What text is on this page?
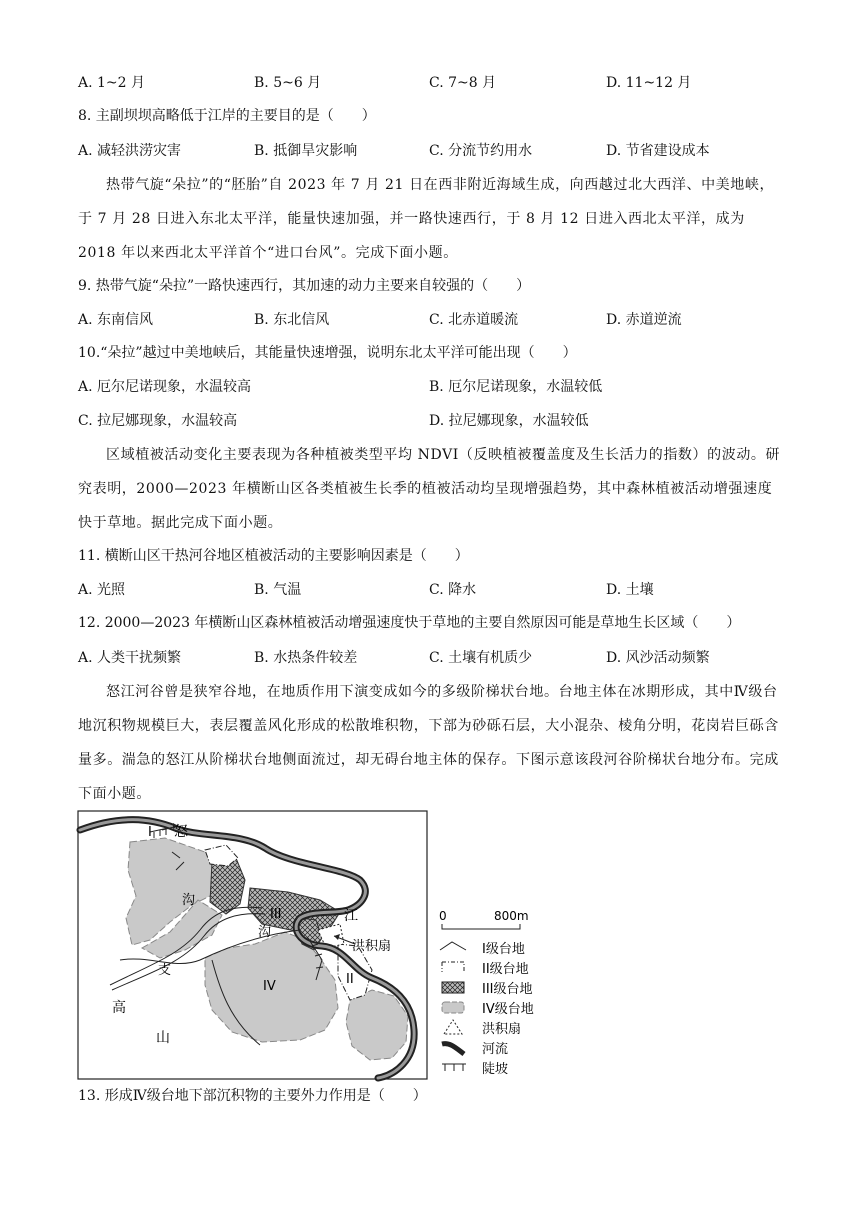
A. 1~2 月	B. 5~6 月	C. 7~8 月	D. 11~12 月
8. 主副坝坝高略低于江岸的主要目的是（　　）
A. 减轻洪涝灾害	B. 抵御旱灾影响	C. 分流节约用水	D. 节省建设成本
热带气旋“朵拉”的“胚胎”自 2023 年 7 月 21 日在西非附近海域生成，向西越过北大西洋、中美地峡，于 7 月 28 日进入东北太平洋，能量快速加强，并一路快速西行，于 8 月 12 日进入西北太平洋，成为 2018 年以来西北太平洋首个“进口台风”。完成下面小题。
9. 热带气旋“朵拉”一路快速西行，其加速的动力主要来自较强的（　　）
A. 东南信风	B. 东北信风	C. 北赤道暖流	D. 赤道逆流
10.“朵拉”越过中美地峡后，其能量快速增强，说明东北太平洋可能出现（　　）
A. 厄尔尼诺现象，水温较高	B. 厄尔尼诺现象，水温较低
C. 拉尼娜现象，水温较高	D. 拉尼娜现象，水温较低
区域植被活动变化主要表现为各种植被类型平均 NDVI（反映植被覆盖度及生长活力的指数）的波动。研究表明，2000—2023 年横断山区各类植被生长季的植被活动均呈现增强趋势，其中森林植被活动增强速度快于草地。据此完成下面小题。
11. 横断山区干热河谷地区植被活动的主要影响因素是（　　）
A. 光照	B. 气温	C. 降水	D. 土壤
12. 2000—2023 年横断山区森林植被活动增强速度快于草地的主要自然原因可能是草地生长区域（　　）
A. 人类干扰频繁	B. 水热条件较差	C. 土壤有机质少	D. 风沙活动频繁
怒江河谷曾是狭窄谷地，在地质作用下演变成如今的多级阶梯状台地。台地主体在冰期形成，其中Ⅳ级台地沉积物规模巨大，表层覆盖风化形成的松散堆积物，下部为砂砾石层，大小混杂、棱角分明，花岗岩巨砾含量多。湍急的怒江从阶梯状台地侧面流过，却无碍台地主体的保存。下图示意该段河谷阶梯状台地分布。完成下面小题。
I 怒
沟
沟
III	江
洪积扇
II
支
IV
高
山
0	800m
I级台地
II级台地
III级台地
IV级台地
洪积扇
河流
陡坡
13. 形成Ⅳ级台地下部沉积物的主要外力作用是（　　）
